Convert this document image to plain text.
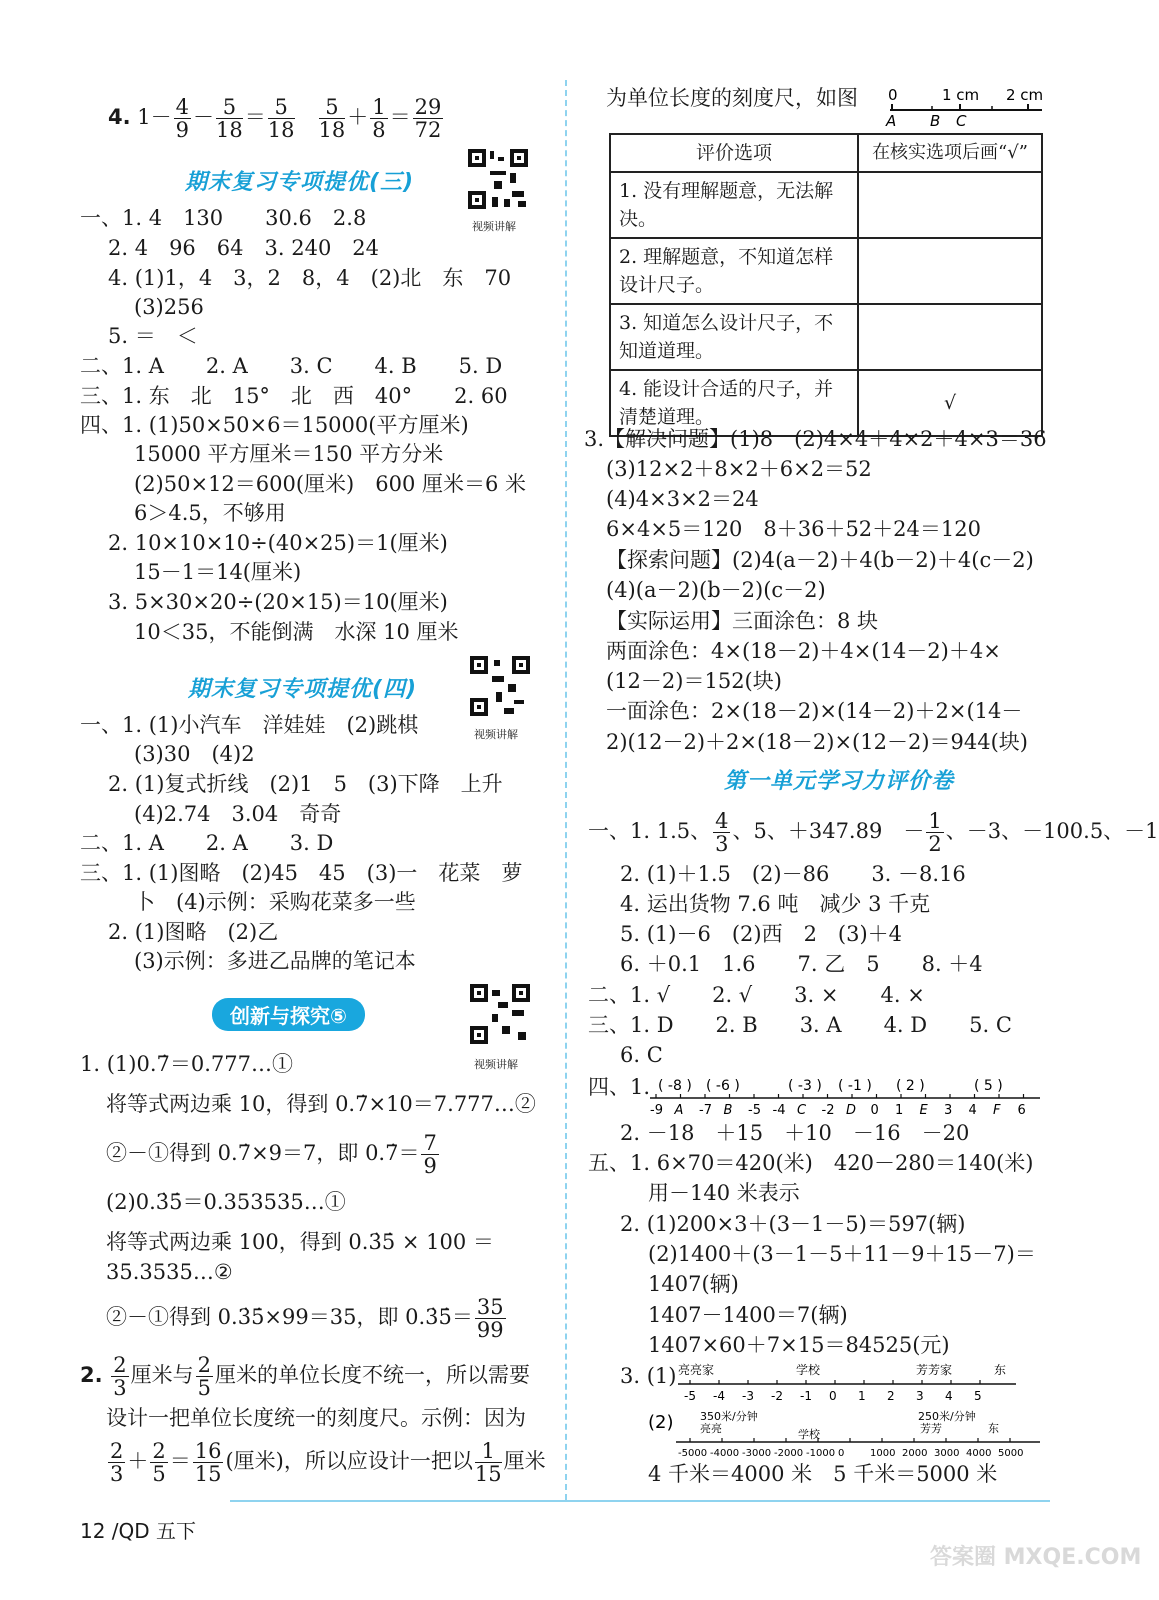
4. $1- \frac{4}{9} - \frac{5}{18} = \frac{5}{18}$
$\frac{5}{18} + \frac{1}{8} = \frac{29}{72}$
期末复习专项提优(三)
视频讲解
一、1. 4　130　　30.6　2.8
2. 4　96　64　3. 240　24
4. (1)1，4　3，2　8，4　(2)北　东　70
(3)256
5. ＝　＜
二、1. A　　2. A　　3. C　　4. B　　5. D
三、1. 东　北　15°　北　西　40°　　2. 60
四、1. (1)50×50×6＝15000(平方厘米)
15000 平方厘米＝150 平方分米
(2)50×12＝600(厘米)　600 厘米＝6 米
6＞4.5，不够用
2. 10×10×10÷(40×25)＝1(厘米)
15－1＝14(厘米)
3. 5×30×20÷(20×15)＝10(厘米)
10＜35，不能倒满　水深 10 厘米
期末复习专项提优(四)
视频讲解
一、1. (1)小汽车　洋娃娃　(2)跳棋
(3)30　(4)2
2. (1)复式折线　(2)1　5　(3)下降　上升
(4)2.74　3.04　奇奇
二、1. A　　2. A　　3. D
三、1. (1)图略　(2)45　45　(3)一　花菜　萝
卜　(4)示例：采购花菜多一些
2. (1)图略　(2)乙
(3)示例：多进乙品牌的笔记本
创新与探究⑤
视频讲解
1. (1)0.7̇＝0.777…①
将等式两边乘 10，得到 0.7̇×10＝7.777…②
②－①得到 0.7̇×9＝7，即 0.7̇＝ $\frac{7}{9}$
(2)0.3̇5̇＝0.353535…①
将等式两边乘 100，得到 0.3̇5̇ × 100 ＝
35.3535…②
②－①得到 0.3̇5̇×99＝35，即 0.3̇5̇＝ $\frac{35}{99}$
2. $\frac{2}{3}$ 厘米与 $\frac{2}{5}$ 厘米的单位长度不统一，所以需要
设计一把单位长度统一的刻度尺。示例：因为
$\frac{2}{3} + \frac{2}{5} = \frac{16}{15}$ (厘米)，所以应设计一把以 $\frac{1}{15}$ 厘米
为单位长度的刻度尺，如图 0	1 cm 2 cm
A B C
评价选项	在核实选项后画“√”
1. 没有理解题意，无法解决。	
2. 理解题意，不知道怎样设计尺子。	
3. 知道怎么设计尺子，不知道道理。	
4. 能设计合适的尺子，并清楚道理。	√
3.【解决问题】(1)8　(2)4×4＋4×2＋4×3＝36
(3)12×2＋8×2＋6×2＝52
(4)4×3×2＝24
6×4×5＝120　8＋36＋52＋24＝120
【探索问题】(2)4(a－2)＋4(b－2)＋4(c－2)
(4)(a－2)(b－2)(c－2)
【实际运用】三面涂色：8 块
两面涂色：4×(18－2)＋4×(14－2)＋4×
(12－2)＝152(块)
一面涂色：2×(18－2)×(14－2)＋2×(14－
2)(12－2)＋2×(18－2)×(12－2)＝944(块)
第一单元学习力评价卷
一、1. 1.5、 $\frac{4}{3}$ 、5、＋347.89　－ $\frac{1}{2}$ 、－3、－100.5、－1
2. (1)＋1.5　(2)－86　　3. －8.16
4. 运出货物 7.6 吨　减少 3 千克
5. (1)－6　(2)西　2　(3)＋4
6. ＋0.1　1.6　　7. 乙　5　　8. ＋4
二、1. √　　2. √　　3. ×　　4. ×
三、1. D　　2. B　　3. A　　4. D　　5. C
6. C
四、1. ( -8 ) ( -6 )	( -3 ) ( -1 ) ( 2 )	( 5 )
-9 A -7 B -5 -4 C -2 D 0 1 E 3 4 F 6
2. －18　＋15　＋10　－16　－20
五、1. 6×70＝420(米)　420－280＝140(米)
用－140 米表示
2. (1)200×3＋(3－1－5)＝597(辆)
(2)1400＋(3－1－5＋11－9＋15－7)＝
1407(辆)
1407－1400＝7(辆)
1407×60＋7×15＝84525(元)
3. (1) 亮亮家	学校	芳芳家	东
-5 -4 -3 -2 -1 0 1 2 3 4 5
(2) 350米/分钟
亮亮	学校
250米/分钟
芳芳	东
-5000 -4000 -3000 -2000 -1000 0	1000 2000 3000 4000 5000
4 千米＝4000 米　5 千米＝5000 米
12 /QD 五下
答案圈 MXQE.COM
